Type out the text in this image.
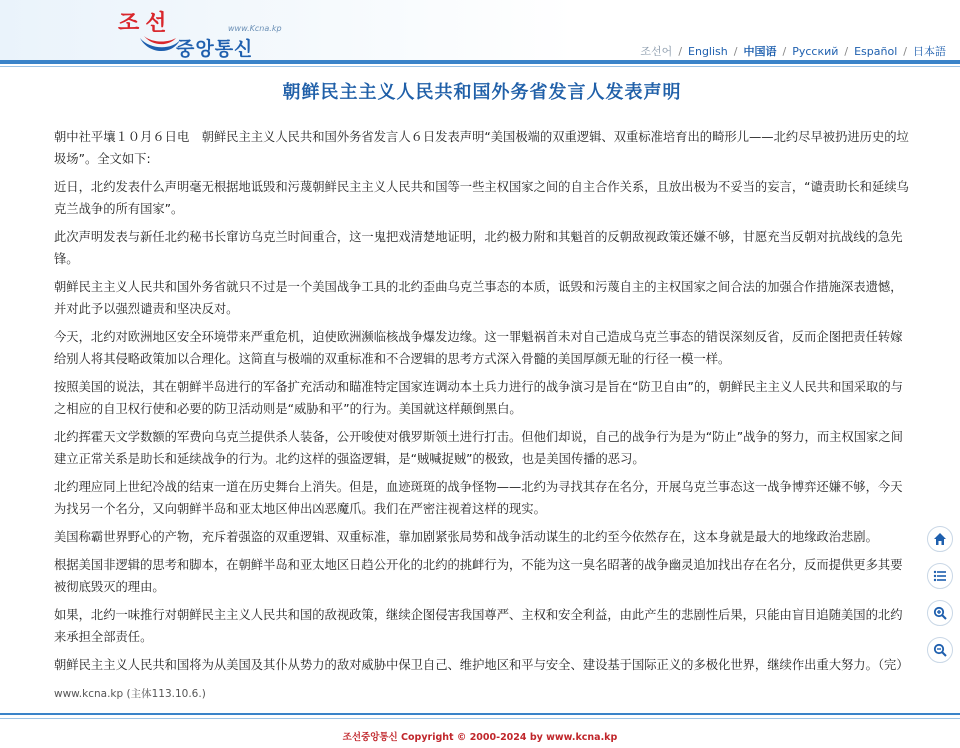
조선
중앙통신
www.Kcna.kp
조선어 / English / 中国语 / Русский / Español / 日本語
朝鲜民主主义人民共和国外务省发言人发表声明

朝中社平壤１０月６日电　朝鲜民主主义人民共和国外务省发言人６日发表声明“美国极端的双重逻辑、双重标准培育出的畸形儿——北约尽早被扔进历史的垃圾场”。全文如下:

近日，北约发表什么声明毫无根据地诋毁和污蔑朝鲜民主主义人民共和国等一些主权国家之间的自主合作关系，且放出极为不妥当的妄言，“谴责助长和延续乌克兰战争的所有国家”。

此次声明发表与新任北约秘书长窜访乌克兰时间重合，这一鬼把戏清楚地证明，北约极力附和其魁首的反朝敌视政策还嫌不够，甘愿充当反朝对抗战线的急先锋。

朝鲜民主主义人民共和国外务省就只不过是一个美国战争工具的北约歪曲乌克兰事态的本质，诋毁和污蔑自主的主权国家之间合法的加强合作措施深表遗憾，并对此予以强烈谴责和坚决反对。

今天，北约对欧洲地区安全环境带来严重危机，迫使欧洲濒临核战争爆发边缘。这一罪魁祸首未对自己造成乌克兰事态的错误深刻反省，反而企图把责任转嫁给别人将其侵略政策加以合理化。这简直与极端的双重标准和不合逻辑的思考方式深入骨髓的美国厚颜无耻的行径一模一样。

按照美国的说法，其在朝鲜半岛进行的军备扩充活动和瞄准特定国家连调动本土兵力进行的战争演习是旨在“防卫自由”的，朝鲜民主主义人民共和国采取的与之相应的自卫权行使和必要的防卫活动则是“威胁和平”的行为。美国就这样颠倒黑白。

北约挥霍天文学数额的军费向乌克兰提供杀人装备，公开唆使对俄罗斯领土进行打击。但他们却说，自己的战争行为是为“防止”战争的努力，而主权国家之间建立正常关系是助长和延续战争的行为。北约这样的强盗逻辑，是“贼喊捉贼”的极致，也是美国传播的恶习。

北约理应同上世纪冷战的结束一道在历史舞台上消失。但是，血迹斑斑的战争怪物——北约为寻找其存在名分，开展乌克兰事态这一战争博弈还嫌不够，今天为找另一个名分，又向朝鲜半岛和亚太地区伸出凶恶魔爪。我们在严密注视着这样的现实。

美国称霸世界野心的产物，充斥着强盗的双重逻辑、双重标准，靠加剧紧张局势和战争活动谋生的北约至今依然存在，这本身就是最大的地缘政治悲剧。

根据美国非逻辑的思考和脚本，在朝鲜半岛和亚太地区日趋公开化的北约的挑衅行为，不能为这一臭名昭著的战争幽灵追加找出存在名分，反而提供更多其要被彻底毁灭的理由。

如果，北约一味推行对朝鲜民主主义人民共和国的敌视政策，继续企图侵害我国尊严、主权和安全利益，由此产生的悲剧性后果，只能由盲目追随美国的北约来承担全部责任。

朝鲜民主主义人民共和国将为从美国及其仆从势力的敌对威胁中保卫自己、维护地区和平与安全、建设基于国际正义的多极化世界，继续作出重大努力。（完）

www.kcna.kp (主体113.10.6.)
조선중앙통신 Copyright © 2000-2024 by www.kcna.kp
